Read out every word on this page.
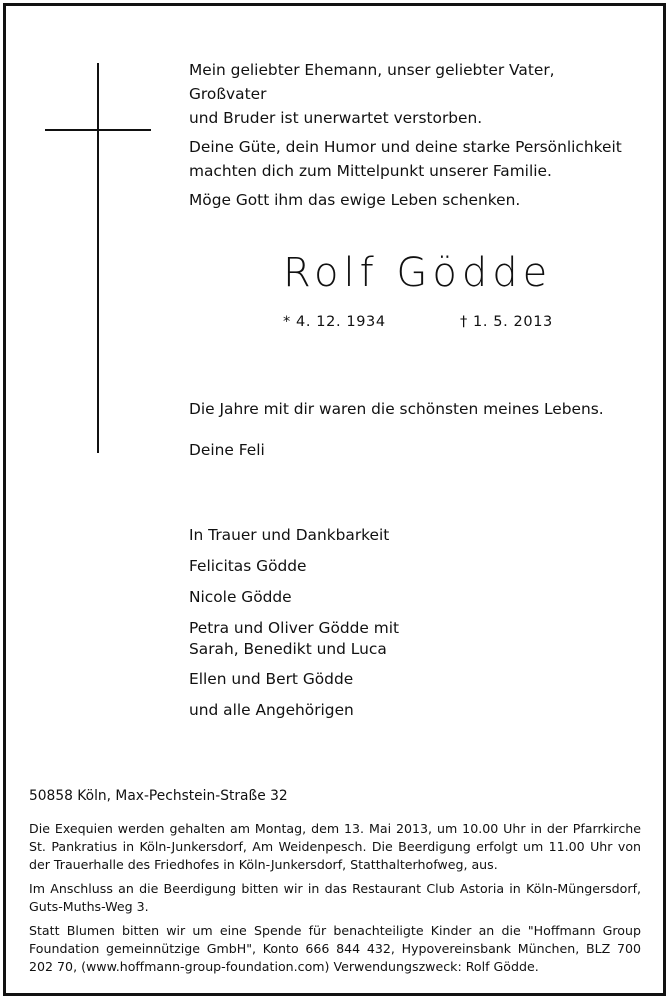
Mein geliebter Ehemann, unser geliebter Vater, Großvater
und Bruder ist unerwartet verstorben.

Deine Güte, dein Humor und deine starke Persönlichkeit
machten dich zum Mittelpunkt unserer Familie.

Möge Gott ihm das ewige Leben schenken.

Rolf Gödde
* 4. 12. 1934	† 1. 5. 2013
Die Jahre mit dir waren die schönsten meines Lebens.
Deine Feli
In Trauer und Dankbarkeit
Felicitas Gödde
Nicole Gödde
Petra und Oliver Gödde mit
Sarah, Benedikt und Luca
Ellen und Bert Gödde
und alle Angehörigen
50858 Köln, Max-Pechstein-Straße 32
Die Exequien werden gehalten am Montag, dem 13. Mai 2013, um 10.00 Uhr in der Pfarrkirche St. Pankratius in Köln-Junkersdorf, Am Weidenpesch. Die Beerdigung erfolgt um 11.00 Uhr von der Trauerhalle des Friedhofes in Köln-Junkersdorf, Statthalterhofweg, aus.
Im Anschluss an die Beerdigung bitten wir in das Restaurant Club Astoria in Köln-Müngersdorf, Guts-Muths-Weg 3.
Statt Blumen bitten wir um eine Spende für benachteiligte Kinder an die "Hoffmann Group Foundation gemeinnützige GmbH", Konto 666 844 432, Hypovereinsbank München, BLZ 700 202 70, (www.hoffmann-group-foundation.com) Verwendungszweck: Rolf Gödde.
